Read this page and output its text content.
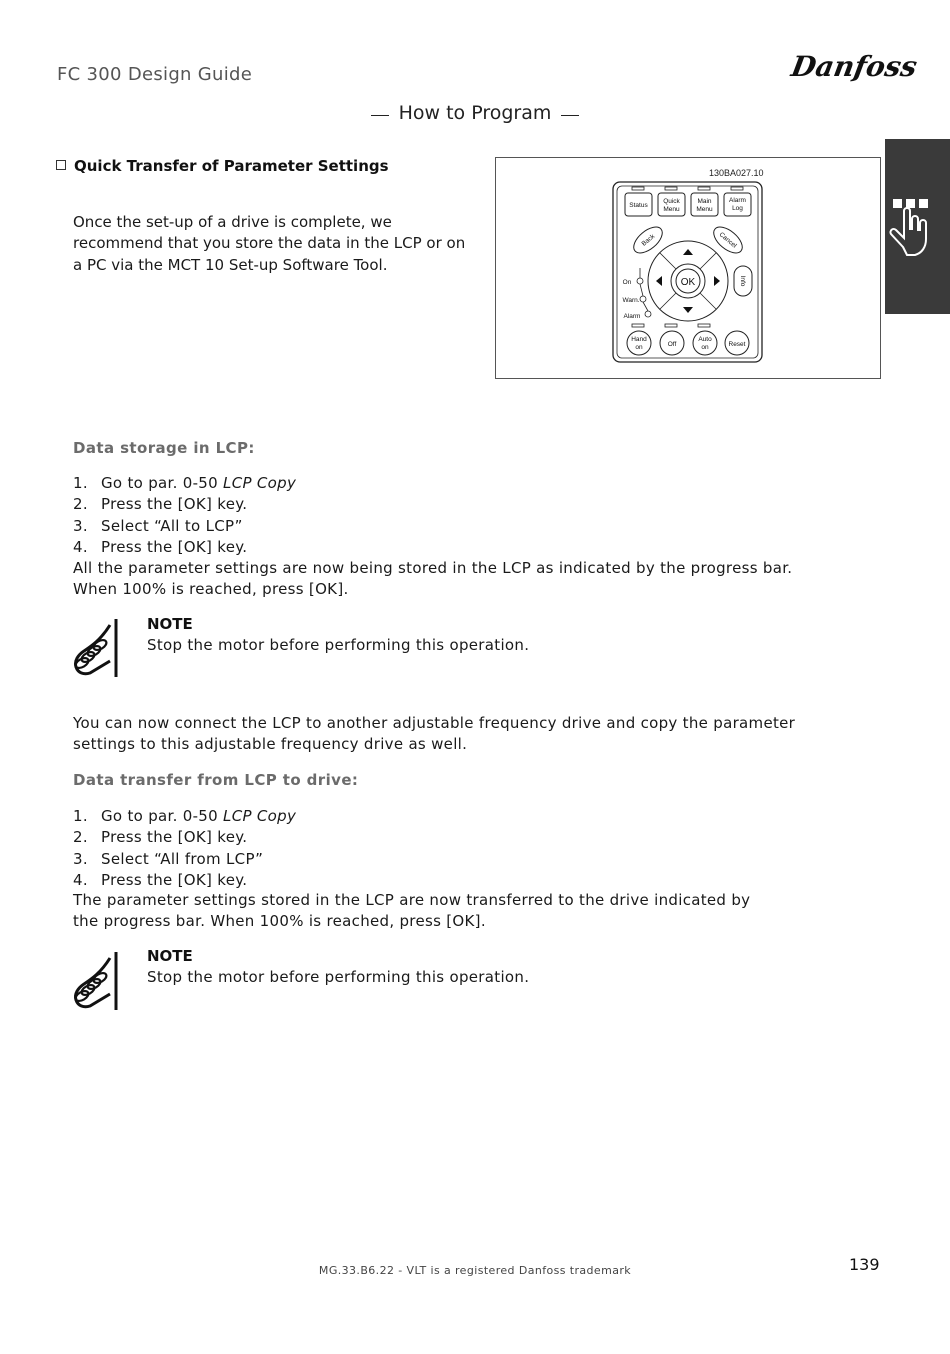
FC 300 Design Guide	Danfoss
How to Program
Quick Transfer of Parameter Settings
Once the set-up of a drive is complete, we recommend that you store the data in the LCP or on a PC via the MCT 10 Set-up Software Tool.
130BA027.10
Status
Quick
Menu
Main
Menu
Alarm
Log
Back	Cancel
Info
OK
On
Warn.
Alarm
Hand
on	Off
Auto
on	Reset
Data storage in LCP:
1. Go to par. 0-50 LCP Copy
2. Press the [OK] key.
3. Select “All to LCP”
4. Press the [OK] key.
All the parameter settings are now being stored in the LCP as indicated by the progress bar. When 100% is reached, press [OK].
NOTE
Stop the motor before performing this operation.
You can now connect the LCP to another adjustable frequency drive and copy the parameter settings to this adjustable frequency drive as well.
Data transfer from LCP to drive:
1. Go to par. 0-50 LCP Copy
2. Press the [OK] key.
3. Select “All from LCP”
4. Press the [OK] key.
The parameter settings stored in the LCP are now transferred to the drive indicated by the progress bar. When 100% is reached, press [OK].
NOTE
Stop the motor before performing this operation.
MG.33.B6.22 - VLT is a registered Danfoss trademark	139
